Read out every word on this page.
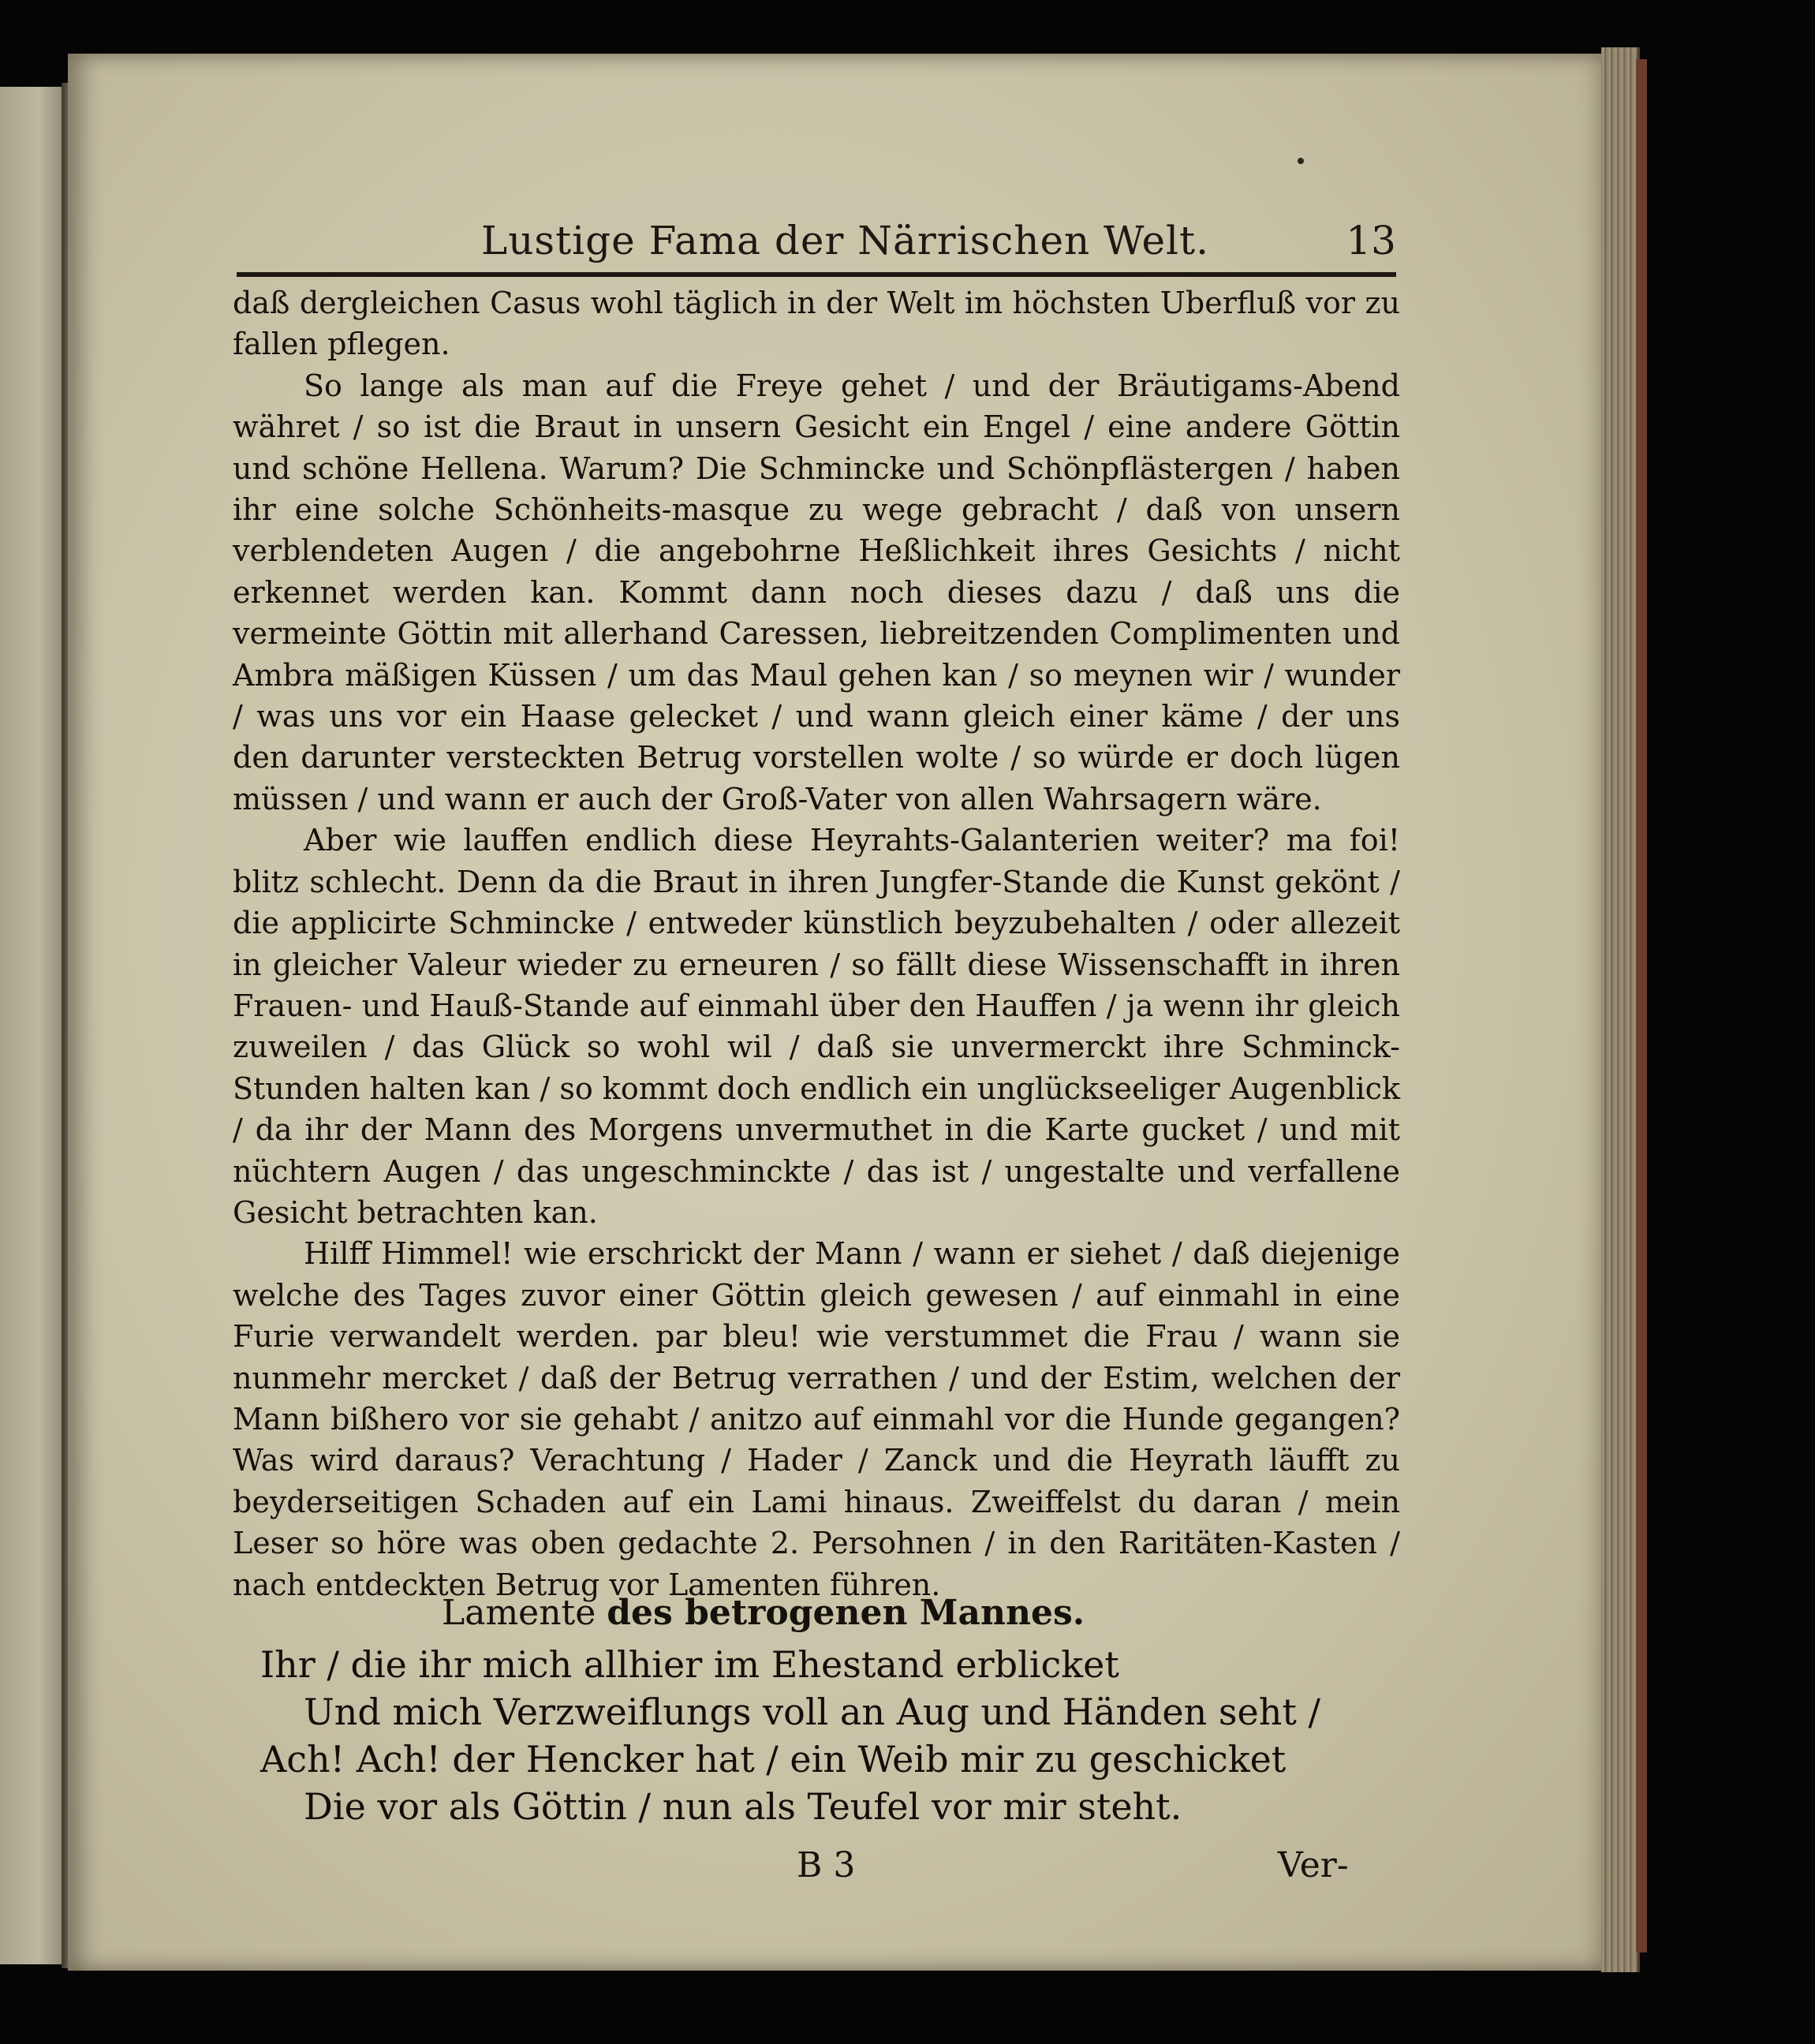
Lustige Fama der Närrischen Welt.	13

daß dergleichen Casus wohl täglich in der Welt im höchsten Uberfluß vor zu fallen pflegen.

So lange als man auf die Freye gehet / und der Bräutigams-Abend währet / so ist die Braut in unsern Gesicht ein Engel / eine andere Göttin und schöne Hellena. Warum? Die Schmincke und Schönpflästergen / haben ihr eine solche Schönheits-masque zu wege gebracht / daß von unsern verblendeten Augen / die angebohrne Heßlichkeit ihres Gesichts / nicht erkennet werden kan. Kommt dann noch dieses dazu / daß uns die vermeinte Göttin mit allerhand Caressen, liebreitzenden Complimenten und Ambra mäßigen Küssen / um das Maul gehen kan / so meynen wir / wunder / was uns vor ein Haase gelecket / und wann gleich einer käme / der uns den darunter versteckten Betrug vorstellen wolte / so würde er doch lügen müssen / und wann er auch der Groß-Vater von allen Wahrsagern wäre.

Aber wie lauffen endlich diese Heyrahts-Galanterien weiter? ma foi! blitz schlecht. Denn da die Braut in ihren Jungfer-Stande die Kunst gekönt / die applicirte Schmincke / entweder künstlich beyzubehalten / oder allezeit in gleicher Valeur wieder zu erneuren / so fällt diese Wissenschafft in ihren Frauen- und Hauß-Stande auf einmahl über den Hauffen / ja wenn ihr gleich zuweilen / das Glück so wohl wil / daß sie unvermerckt ihre Schminck-Stunden halten kan / so kommt doch endlich ein unglückseeliger Augenblick / da ihr der Mann des Morgens unvermuthet in die Karte gucket / und mit nüchtern Augen / das ungeschminckte / das ist / ungestalte und verfallene Gesicht betrachten kan.

Hilff Himmel! wie erschrickt der Mann / wann er siehet / daß diejenige welche des Tages zuvor einer Göttin gleich gewesen / auf einmahl in eine Furie verwandelt werden. par bleu! wie verstummet die Frau / wann sie nunmehr mercket / daß der Betrug verrathen / und der Estim, welchen der Mann bißhero vor sie gehabt / anitzo auf einmahl vor die Hunde gegangen? Was wird daraus? Verachtung / Hader / Zanck und die Heyrath läufft zu beyderseitigen Schaden auf ein Lami hinaus. Zweiffelst du daran / mein Leser so höre was oben gedachte 2. Persohnen / in den Raritäten-Kasten / nach entdeckten Betrug vor Lamenten führen.

Lamente des betrogenen Mannes.
Ihr / die ihr mich allhier im Ehestand erblicket
Und mich Verzweiflungs voll an Aug und Händen seht /
Ach! Ach! der Hencker hat / ein Weib mir zu geschicket
Die vor als Göttin / nun als Teufel vor mir steht.
B 3	Ver-
